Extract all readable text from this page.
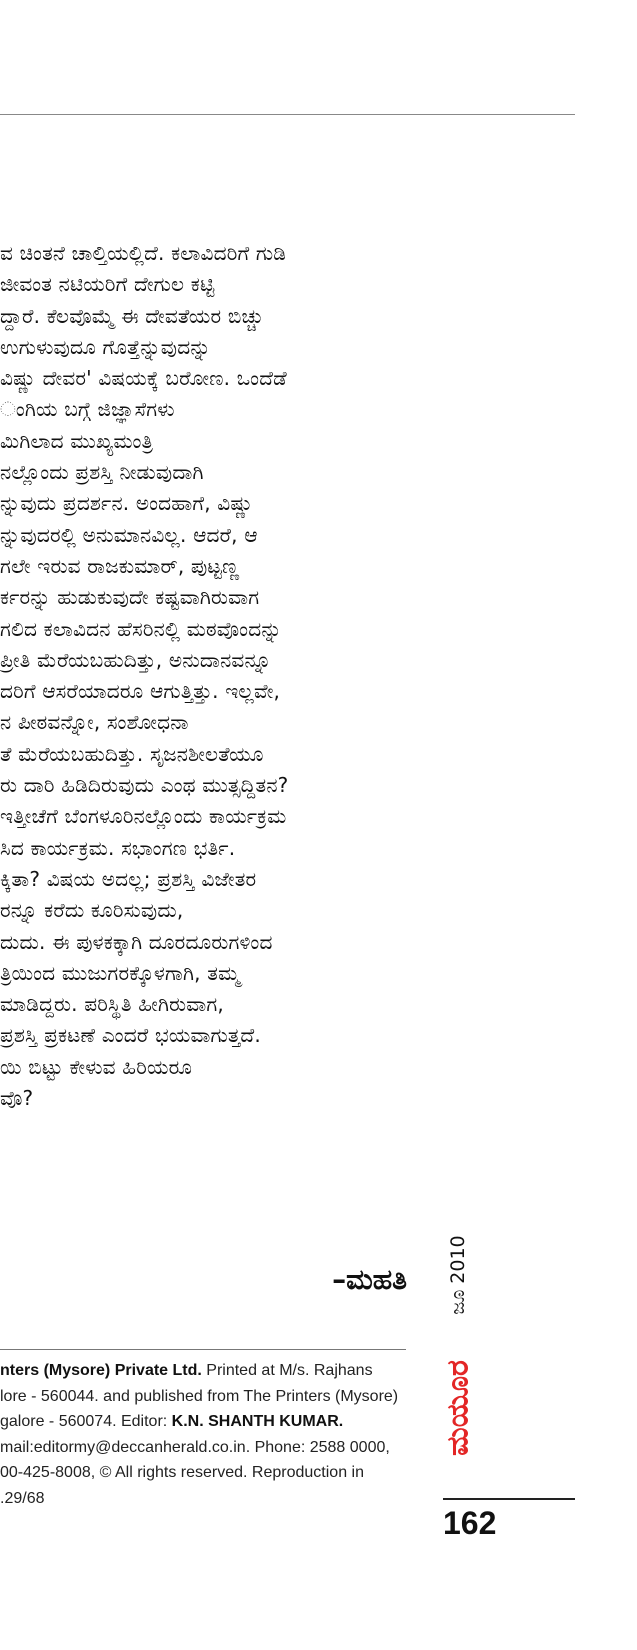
ವ ಚಿಂತನೆ ಚಾಲ್ತಿಯಲ್ಲಿದೆ. ಕಲಾವಿದರಿಗೆ ಗುಡಿ
ಜೀವಂತ ನಟಿಯರಿಗೆ ದೇಗುಲ ಕಟ್ಟಿ
ದ್ದಾರೆ. ಕೆಲವೊಮ್ಮೆ ಈ ದೇವತೆಯರ ಬಿಚ್ಚು
ಉಗುಳುವುದೂ ಗೊತ್ತೆನ್ನುವುದನ್ನು
ವಿಷ್ಣು ದೇವರ' ವಿಷಯಕ್ಕೆ ಬರೋಣ. ಒಂದೆಡೆ
ಂಗಿಯ ಬಗ್ಗೆ ಜಿಜ್ಞಾಸೆಗಳು
ಮಿಗಿಲಾದ ಮುಖ್ಯಮಂತ್ರಿ
ನಲ್ಲೊಂದು ಪ್ರಶಸ್ತಿ ನೀಡುವುದಾಗಿ
ನ್ನುವುದು ಪ್ರದರ್ಶನ. ಅಂದಹಾಗೆ, ವಿಷ್ಣು
ನ್ನುವುದರಲ್ಲಿ ಅನುಮಾನವಿಲ್ಲ. ಆದರೆ, ಆ
ಗಲೇ ಇರುವ ರಾಜಕುಮಾರ್, ಪುಟ್ಟಣ್ಣ
ರ್ಕರನ್ನು ಹುಡುಕುವುದೇ ಕಷ್ಟವಾಗಿರುವಾಗ
ಗಲಿದ ಕಲಾವಿದನ ಹೆಸರಿನಲ್ಲಿ ಮಠವೊಂದನ್ನು
ಪ್ರೀತಿ ಮೆರೆಯಬಹುದಿತ್ತು, ಅನುದಾನವನ್ನೂ
ದರಿಗೆ ಆಸರೆಯಾದರೂ ಆಗುತ್ತಿತ್ತು. ಇಲ್ಲವೇ,
ನ ಪೀಠವನ್ನೋ, ಸಂಶೋಧನಾ
ತೆ ಮೆರೆಯಬಹುದಿತ್ತು. ಸೃಜನಶೀಲತೆಯೂ
ರು ದಾರಿ ಹಿಡಿದಿರುವುದು ಎಂಥ ಮುತ್ಸದ್ದಿತನ?
ಇತ್ತೀಚೆಗೆ ಬೆಂಗಳೂರಿನಲ್ಲೊಂದು ಕಾರ್ಯಕ್ರಮ
ಸಿದ ಕಾರ್ಯಕ್ರಮ. ಸಭಾಂಗಣ ಭರ್ತಿ.
ಕ್ಕಿತಾ? ವಿಷಯ ಅದಲ್ಲ; ಪ್ರಶಸ್ತಿ ವಿಜೇತರ
ರನ್ನೂ ಕರೆದು ಕೂರಿಸುವುದು,
ದುದು. ಈ ಪುಳಕಕ್ಕಾಗಿ ದೂರದೂರುಗಳಿಂದ
ತ್ರಿಯಿಂದ ಮುಜುಗರಕ್ಕೊಳಗಾಗಿ, ತಮ್ಮ
ಮಾಡಿದ್ದರು. ಪರಿಸ್ಥಿತಿ ಹೀಗಿರುವಾಗ,
ಪ್ರಶಸ್ತಿ ಪ್ರಕಟಣೆ ಎಂದರೆ ಭಯವಾಗುತ್ತದೆ.
ಯಿ ಬಿಟ್ಟು ಕೇಳುವ ಹಿರಿಯರೂ
ವೊ?
–ಮಹತಿ
nters (Mysore) Private Ltd. Printed at M/s. Rajhans
lore - 560044. and published from The Printers (Mysore)
galore - 560074. Editor: K.N. SHANTH KUMAR.
mail:editormy@deccanherald.co.in. Phone: 2588 0000,
00-425-8008, © All rights reserved. Reproduction in
.29/68
ಜೂ 2010
ಮಯೂರ
162
